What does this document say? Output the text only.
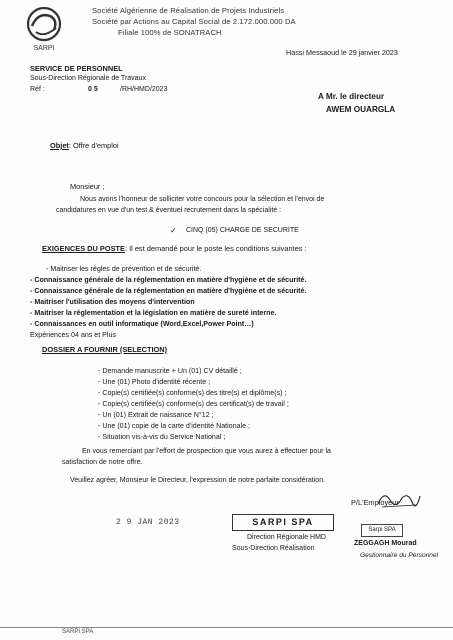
SARPI
Société Algérienne de Réalisation de Projets Industriels
Société par Actions au Capital Social de 2.172.000.000 DA
Filiale 100% de SONATRACH
Hassi Messaoud le 29 janvier 2023
SERVICE DE PERSONNEL
Sous-Direction Régionale de Travaux
Réf :	0 5	/RH/HMD/2023
A Mr. le directeur
AWEM OUARGLA
Objet: Offre d'emploi
Monsieur ;
Nous avons l'honneur de solliciter votre concours pour la sélection et l'envoi de
candidatures en vue d'un test & éventuel recrutement dans la spécialité :
✓ CINQ (05) CHARGE DE SECURITE
EXIGENCES DU POSTE: Il est demandé pour le poste les conditions suivantes :
- Maitriser les règles de prévention et de sécurité.
- Connaissance générale de la réglementation en matière d'hygiène et de sécurité.
- Connaissance générale de la réglementation en matière d'hygiène et de sécurité.
- Maitriser l'utilisation des moyens d'intervention
- Maitriser la réglementation et la législation en matière de sureté interne.
- Connaissances en outil informatique (Word,Excel,Power Point…)
Expériences 04 ans et Plus
DOSSIER A FOURNIR (SELECTION)
- Demande manuscrite + Un (01) CV détaillé ;
- Une (01) Photo d'identité récente ;
- Copie(s) certifiée(s) conforme(s) des titre(s) et diplôme(s) ;
- Copie(s) certifiée(s) conforme(s) des certificat(s) de travail ;
- Un (01) Extrait de naissance N°12 ;
- Une (01) copie de la carte d'identité Nationale ;
- Situation vis-à-vis du Service National ;
En vous remerciant par l'effort de prospection que vous aurez à effectuer pour la
satisfaction de notre offre.
Veuillez agréer, Monsieur le Directeur, l'expression de notre parfaite considération.
P/L'Employeur
2 9 JAN 2023	SARPI SPA
Direction Régionale HMD
Sous-Direction Réalisation
Sarpi SPA
ZEGGAGH Mourad
Gestionnaire du Personnel
SARPI SPA
